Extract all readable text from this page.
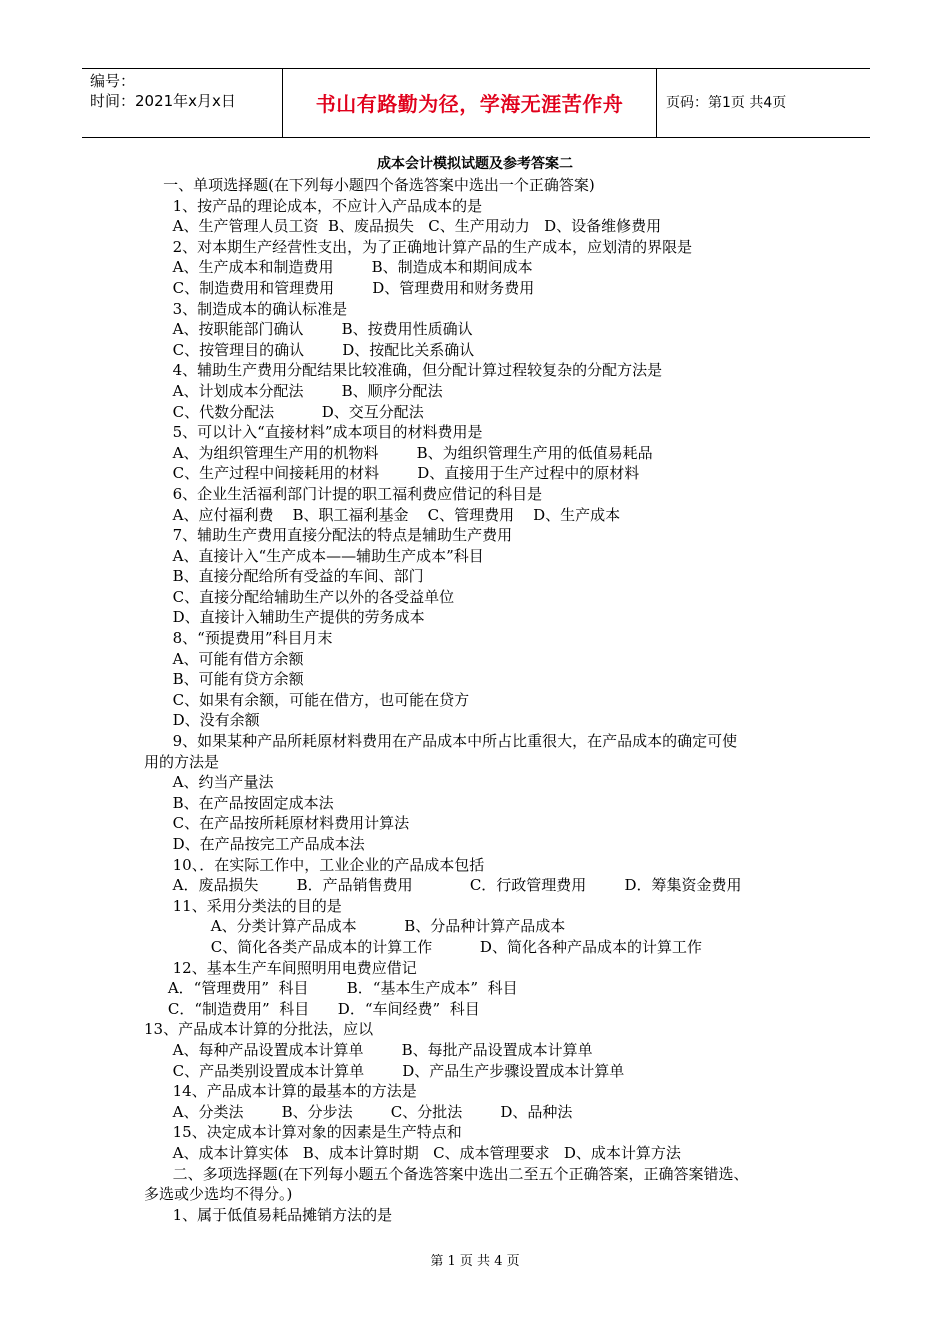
编号：
时间：2021年x月x日	书山有路勤为径，学海无涯苦作舟	页码：第1页 共4页
成本会计模拟试题及参考答案二
一、单项选择题(在下列每小题四个备选答案中选出一个正确答案)
1、按产品的理论成本，不应计入产品成本的是
A、生产管理人员工资  B、废品损失   C、生产用动力   D、设备维修费用
2、对本期生产经营性支出，为了正确地计算产品的生产成本，应划清的界限是
A、生产成本和制造费用        B、制造成本和期间成本
C、制造费用和管理费用        D、管理费用和财务费用
3、制造成本的确认标准是
A、按职能部门确认        B、按费用性质确认
C、按管理目的确认        D、按配比关系确认
4、辅助生产费用分配结果比较准确，但分配计算过程较复杂的分配方法是
A、计划成本分配法        B、顺序分配法
C、代数分配法          D、交互分配法
5、可以计入“直接材料”成本项目的材料费用是
A、为组织管理生产用的机物料        B、为组织管理生产用的低值易耗品
C、生产过程中间接耗用的材料        D、直接用于生产过程中的原材料
6、企业生活福利部门计提的职工福利费应借记的科目是
A、应付福利费    B、职工福利基金    C、管理费用    D、生产成本
7、辅助生产费用直接分配法的特点是辅助生产费用
A、直接计入“生产成本——辅助生产成本”科目
B、直接分配给所有受益的车间、部门
C、直接分配给辅助生产以外的各受益单位
D、直接计入辅助生产提供的劳务成本
8、“预提费用”科目月末
A、可能有借方余额
B、可能有贷方余额
C、如果有余额，可能在借方，也可能在贷方
D、没有余额
9、如果某种产品所耗原材料费用在产品成本中所占比重很大，在产品成本的确定可使
用的方法是
A、约当产量法
B、在产品按固定成本法
C、在产品按所耗原材料费用计算法
D、在产品按完工产品成本法
10、．在实际工作中，工业企业的产品成本包括
A．废品损失        B．产品销售费用            C．行政管理费用        D．筹集资金费用
11、采用分类法的目的是
A、分类计算产品成本          B、分品种计算产品成本
C、简化各类产品成本的计算工作          D、简化各种产品成本的计算工作
12、基本生产车间照明用电费应借记
A．“管理费用”  科目        B．“基本生产成本”  科目
C．“制造费用”  科目      D．“车间经费”  科目
13、产品成本计算的分批法，应以
A、每种产品设置成本计算单        B、每批产品设置成本计算单
C、产品类别设置成本计算单        D、产品生产步骤设置成本计算单
14、产品成本计算的最基本的方法是
A、分类法        B、分步法        C、分批法        D、品种法
15、决定成本计算对象的因素是生产特点和
A、成本计算实体   B、成本计算时期   C、成本管理要求   D、成本计算方法
二、多项选择题(在下列每小题五个备选答案中选出二至五个正确答案，正确答案错选、
多选或少选均不得分。)
1、属于低值易耗品摊销方法的是
第 1 页 共 4 页
